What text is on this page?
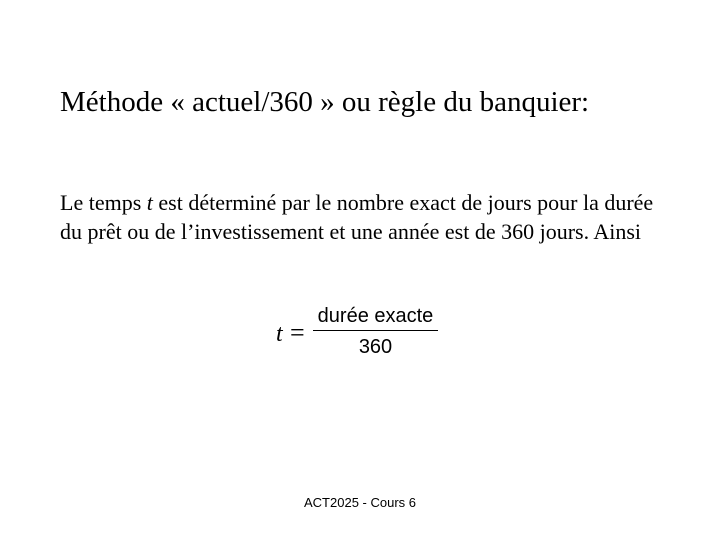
Méthode « actuel/360 » ou règle du banquier:
Le temps t est déterminé par le nombre exact de jours pour la durée du prêt ou de l’investissement et une année est de 360 jours. Ainsi
t =
durée exacte
360
ACT2025 - Cours 6
